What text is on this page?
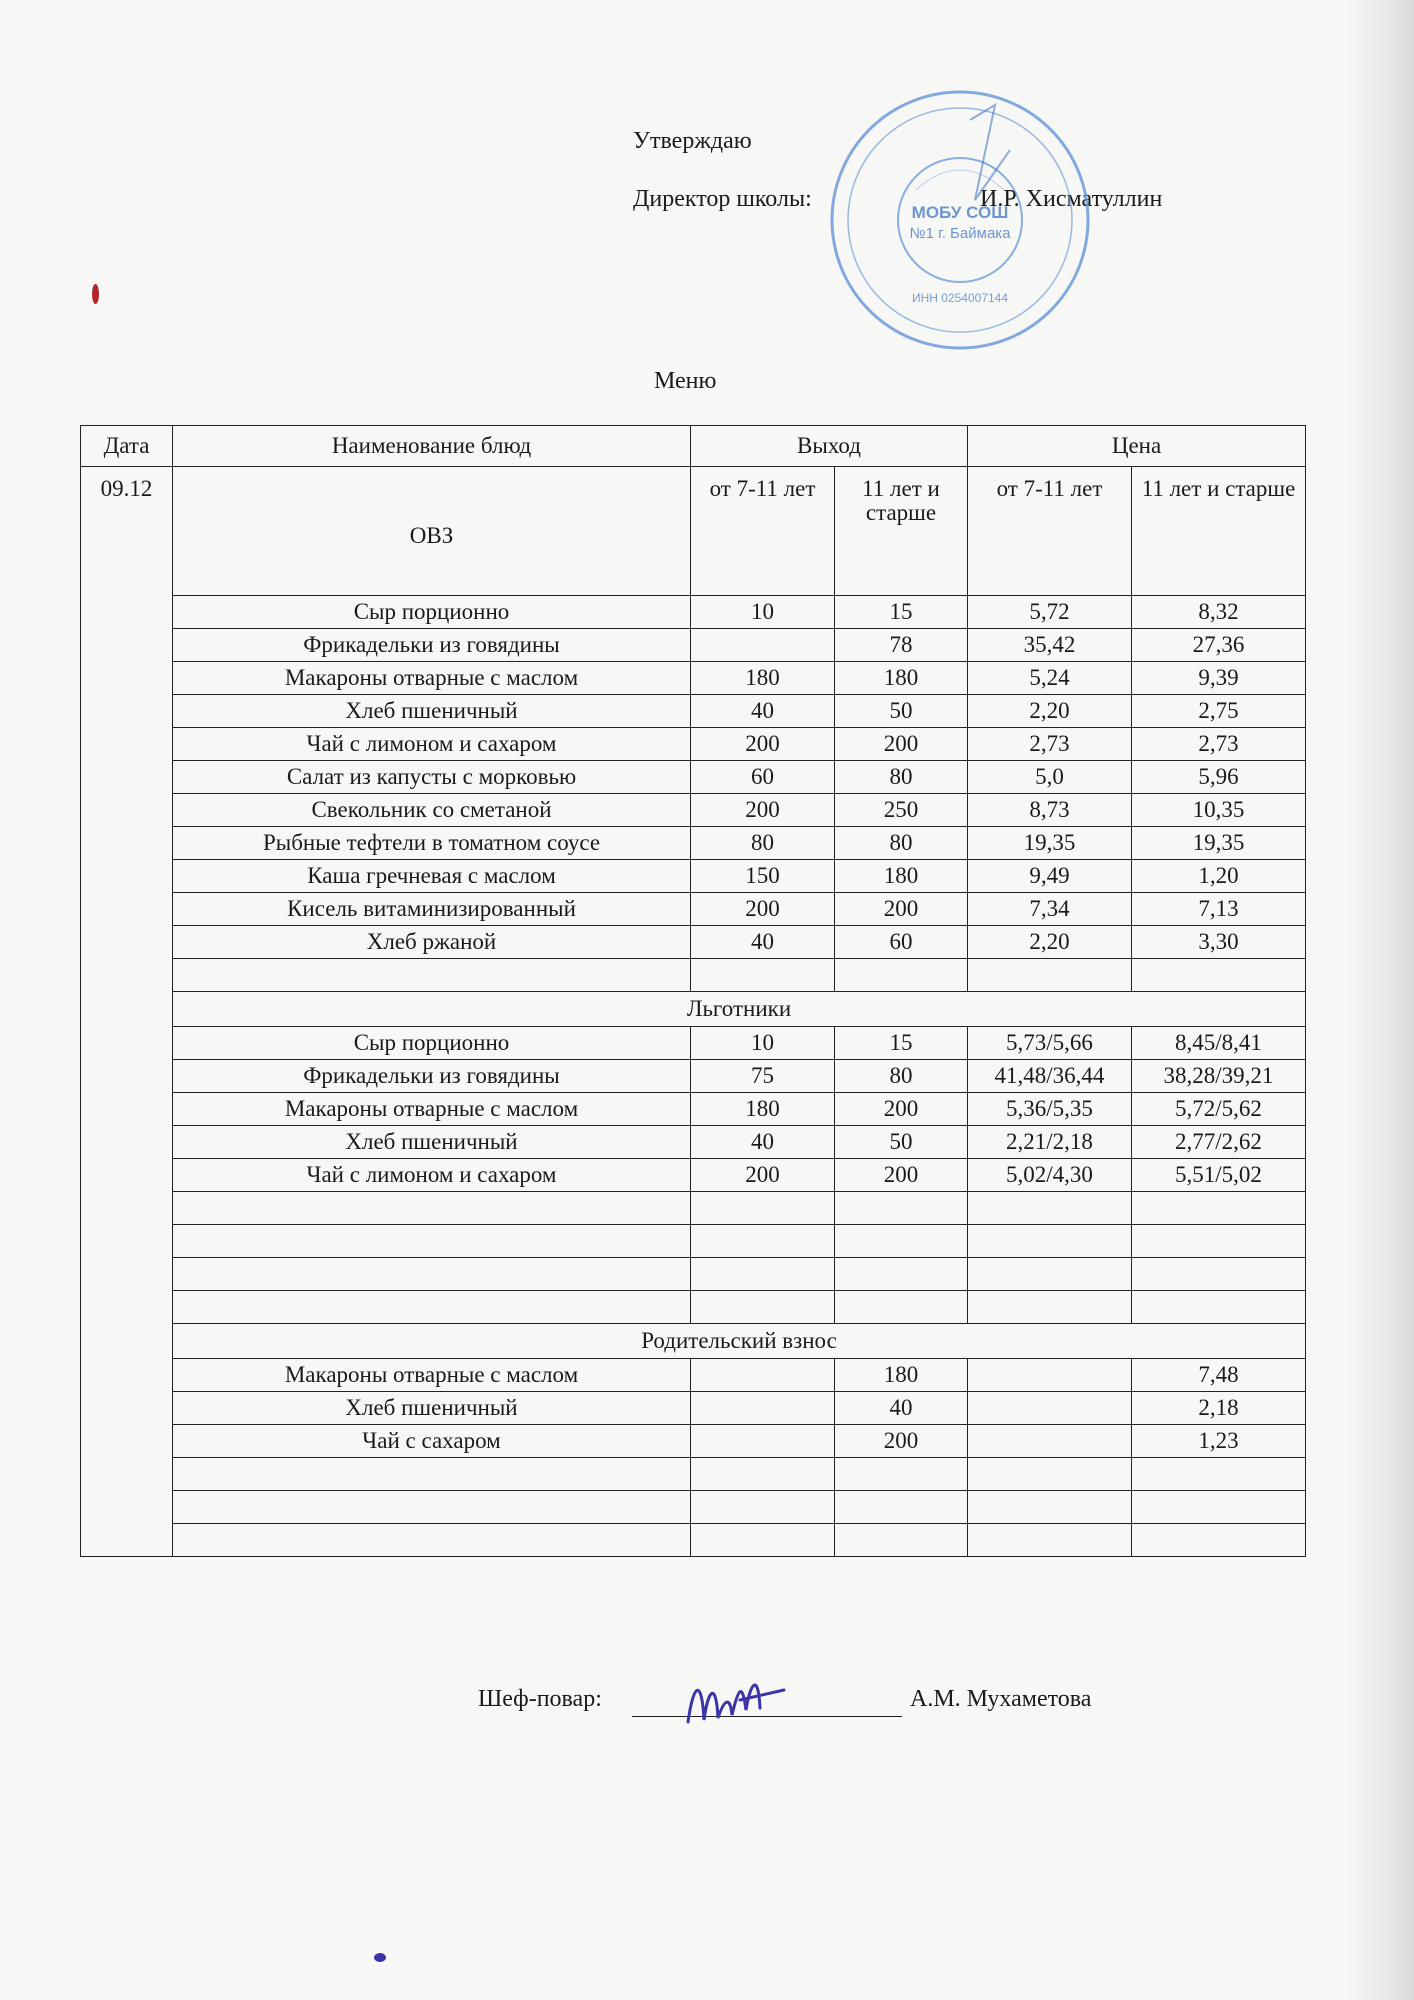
Утверждаю
Директор школы:	И.Р. Хисматуллин
МОБУ СОШ
№1 г. Баймака
ИНН 0254007144
Меню
Дата	Наименование блюд	Выход		Цена	
09.12	ОВЗ	от 7-11 лет	11 лет и старше	от 7-11 лет	11 лет и старше
	Сыр порционно	10	15	5,72	8,32
	Фрикадельки из говядины		78	35,42	27,36
	Макароны отварные с маслом	180	180	5,24	9,39
	Хлеб пшеничный	40	50	2,20	2,75
	Чай с лимоном и сахаром	200	200	2,73	2,73
	Салат из капусты с морковью	60	80	5,0	5,96
	Свекольник со сметаной	200	250	8,73	10,35
	Рыбные тефтели в томатном соусе	80	80	19,35	19,35
	Каша гречневая с маслом	150	180	9,49	1,20
	Кисель витаминизированный	200	200	7,34	7,13
	Хлеб ржаной	40	60	2,20	3,30

	Льготники				
	Сыр порционно	10	15	5,73/5,66	8,45/8,41
	Фрикадельки из говядины	75	80	41,48/36,44	38,28/39,21
	Макароны отварные с маслом	180	200	5,36/5,35	5,72/5,62
	Хлеб пшеничный	40	50	2,21/2,18	2,77/2,62
	Чай с лимоном и сахаром	200	200	5,02/4,30	5,51/5,02

	Родительский взнос				
	Макароны отварные с маслом		180		7,48
	Хлеб пшеничный		40		2,18
	Чай с сахаром		200		1,23

Шеф-повар:	А.М. Мухаметова
